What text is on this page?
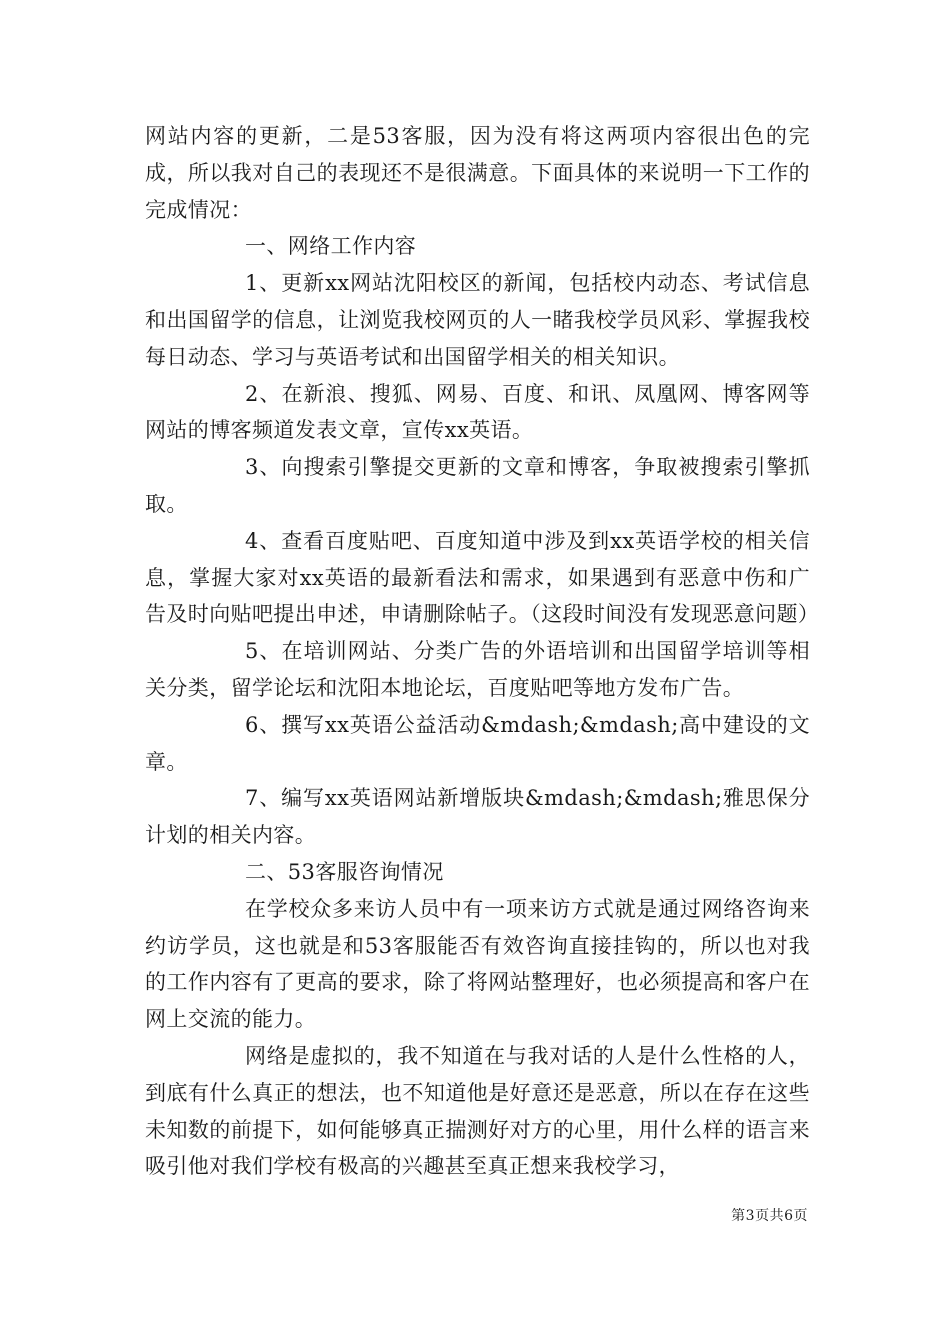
网站内容的更新，二是53客服，因为没有将这两项内容很出色的完成，所以我对自己的表现还不是很满意。下面具体的来说明一下工作的完成情况：

一、网络工作内容

1、更新xx网站沈阳校区的新闻，包括校内动态、考试信息和出国留学的信息，让浏览我校网页的人一睹我校学员风彩、掌握我校每日动态、学习与英语考试和出国留学相关的相关知识。

2、在新浪、搜狐、网易、百度、和讯、凤凰网、博客网等网站的博客频道发表文章，宣传xx英语。

3、向搜索引擎提交更新的文章和博客，争取被搜索引擎抓取。

4、查看百度贴吧、百度知道中涉及到xx英语学校的相关信息，掌握大家对xx英语的最新看法和需求，如果遇到有恶意中伤和广告及时向贴吧提出申述，申请删除帖子。（这段时间没有发现恶意问题）

5、在培训网站、分类广告的外语培训和出国留学培训等相关分类，留学论坛和沈阳本地论坛，百度贴吧等地方发布广告。

6、撰写xx英语公益活动&mdash;&mdash;高中建设的文章。

7、编写xx英语网站新增版块&mdash;&mdash;雅思保分计划的相关内容。

二、53客服咨询情况

在学校众多来访人员中有一项来访方式就是通过网络咨询来约访学员，这也就是和53客服能否有效咨询直接挂钩的，所以也对我的工作内容有了更高的要求，除了将网站整理好，也必须提高和客户在网上交流的能力。

网络是虚拟的，我不知道在与我对话的人是什么性格的人，到底有什么真正的想法，也不知道他是好意还是恶意，所以在存在这些未知数的前提下，如何能够真正揣测好对方的心里，用什么样的语言来吸引他对我们学校有极高的兴趣甚至真正想来我校学习，

第3页共6页
